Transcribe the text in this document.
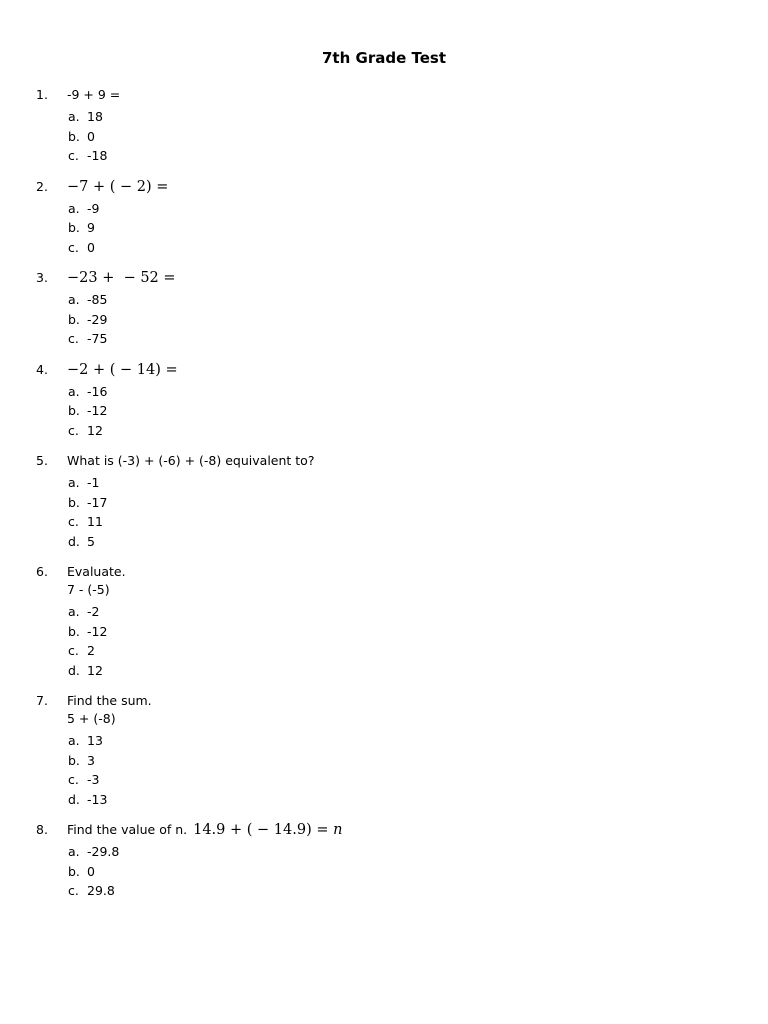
7th Grade Test
1.	-9 + 9 =
a. 18
b. 0
c. -18
2.	−7 + ( − 2) =
a. -9
b. 9
c. 0
3.	−23 +  − 52 =
a. -85
b. -29
c. -75
4.	−2 + ( − 14) =
a. -16
b. -12
c. 12
5.	What is (-3) + (-6) + (-8) equivalent to?
a. -1
b. -17
c. 11
d. 5
6.	Evaluate.
7 - (-5)
a. -2
b. -12
c. 2
d. 12
7.	Find the sum.
5 + (-8)
a. 13
b. 3
c. -3
d. -13
8.	Find the value of n. 14.9 + ( − 14.9) = n
a. -29.8
b. 0
c. 29.8
